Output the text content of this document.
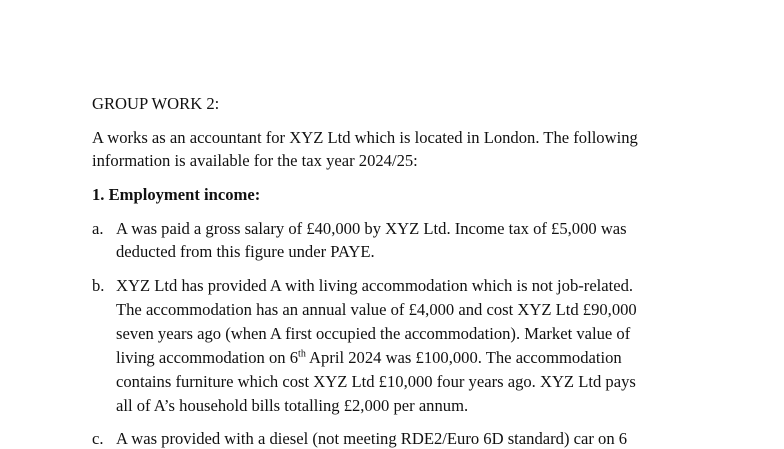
GROUP WORK 2:
A works as an accountant for XYZ Ltd which is located in London. The following
information is available for the tax year 2024/25:
1. Employment income:
a. A was paid a gross salary of £40,000 by XYZ Ltd. Income tax of £5,000 was
deducted from this figure under PAYE.
b. XYZ Ltd has provided A with living accommodation which is not job-related.
The accommodation has an annual value of £4,000 and cost XYZ Ltd £90,000
seven years ago (when A first occupied the accommodation). Market value of
living accommodation on 6th April 2024 was £100,000. The accommodation
contains furniture which cost XYZ Ltd £10,000 four years ago. XYZ Ltd pays
all of A’s household bills totalling £2,000 per annum.
c. A was provided with a diesel (not meeting RDE2/Euro 6D standard) car on 6
